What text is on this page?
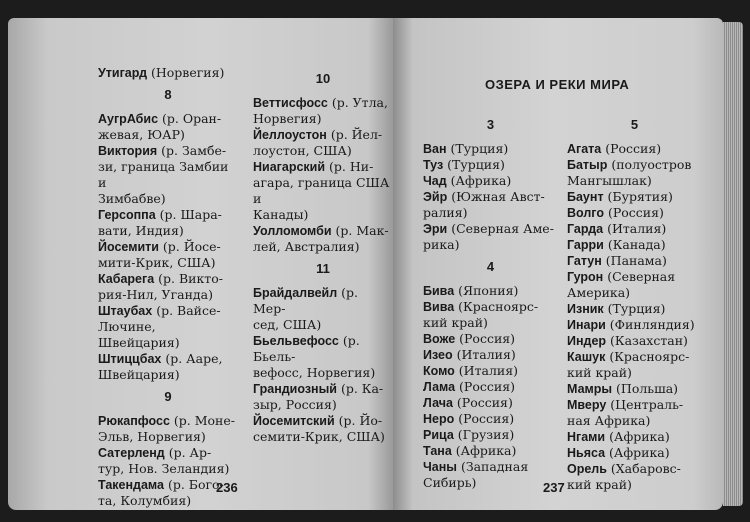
Утигард (Норвегия)

8

АугрАбис (р. Оран-
жевая, ЮАР)

Виктория (р. Замбе-
зи, граница Замбии и
Зимбабве)

Герсоппа (р. Шара-
вати, Индия)

Йосемити (р. Йосе-
мити-Крик, США)

Кабарега (р. Викто-
рия-Нил, Уганда)

Штаубах (р. Вайсе-
Лючине, Швейцария)

Штиццбах (р. Ааре,
Швейцария)

9

Рюкапфосс (р. Моне-
Эльв, Норвегия)

Сатерленд (р. Ар-
тур, Нов. Зеландия)

Такендама (р. Бого-
та, Колумбия)

10

Веттисфосс (р. Утла,
Норвегия)

Йеллоустон (р. Йел-
лоустон, США)

Ниагарский (р. Ни-
агара, граница США и
Канады)

Уолломомби (р. Мак-
лей, Австралия)

11

Брайдалвейл (р. Мер-
сед, США)

Бьельвефосс (р. Бьель-
вефосс, Норвегия)

Грандиозный (р. Ка-
зыр, Россия)

Йосемитский (р. Йо-
семити-Крик, США)

236
ОЗЕРА И РЕКИ МИРА
3

Ван (Турция)

Туз (Турция)

Чад (Африка)

Эйр (Южная Авст-
ралия)

Эри (Северная Аме-
рика)

4

Бива (Япония)

Вива (Красноярс-
кий край)

Воже (Россия)

Изео (Италия)

Комо (Италия)

Лама (Россия)

Лача (Россия)

Неро (Россия)

Рица (Грузия)

Тана (Африка)

Чаны (Западная
Сибирь)

5

Агата (Россия)

Батыр (полуостров
Мангышлак)

Баунт (Бурятия)

Волго (Россия)

Гарда (Италия)

Гарри (Канада)

Гатун (Панама)

Гурон (Северная
Америка)

Изник (Турция)

Инари (Финляндия)

Индер (Казахстан)

Кашук (Красноярс-
кий край)

Мамры (Польша)

Мверу (Централь-
ная Африка)

Нгами (Африка)

Ньяса (Африка)

Орель (Хабаровс-
кий край)

237
